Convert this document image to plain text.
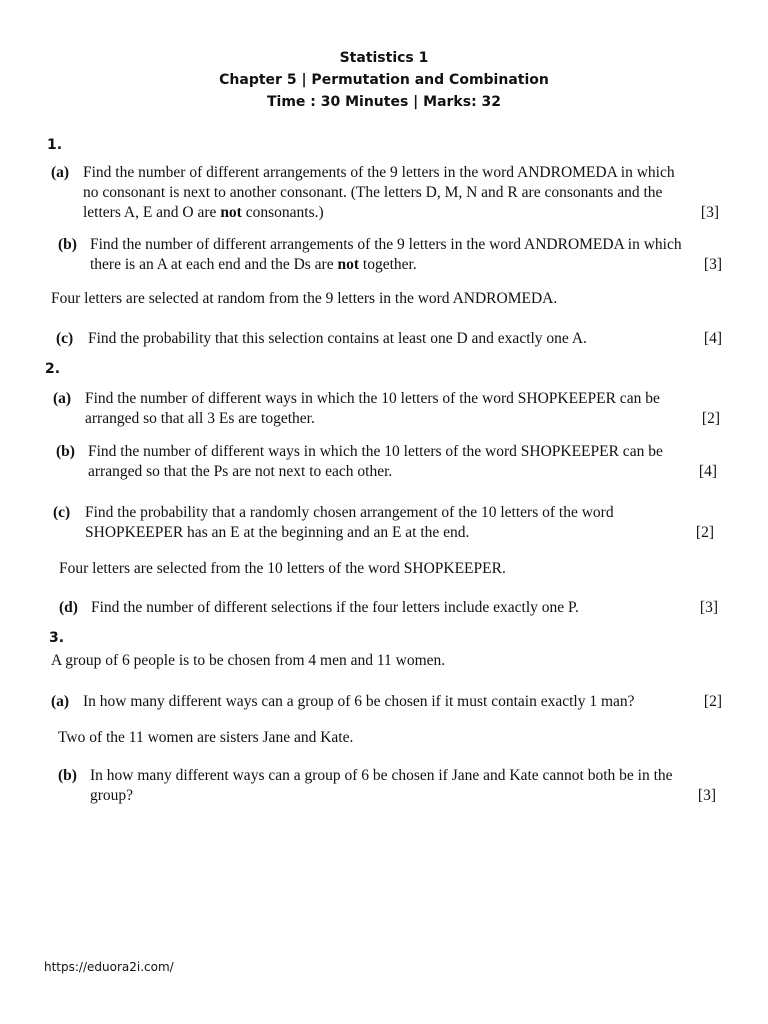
Statistics 1
Chapter 5 | Permutation and Combination
Time : 30 Minutes | Marks: 32
1.
(a) Find the number of different arrangements of the 9 letters in the word ANDROMEDA in which
no consonant is next to another consonant. (The letters D, M, N and R are consonants and the
letters A, E and O are not consonants.)	[3]
(b) Find the number of different arrangements of the 9 letters in the word ANDROMEDA in which
there is an A at each end and the Ds are not together.	[3]
Four letters are selected at random from the 9 letters in the word ANDROMEDA.
(c) Find the probability that this selection contains at least one D and exactly one A.	[4]
2.
(a) Find the number of different ways in which the 10 letters of the word SHOPKEEPER can be
arranged so that all 3 Es are together.	[2]
(b) Find the number of different ways in which the 10 letters of the word SHOPKEEPER can be
arranged so that the Ps are not next to each other.	[4]
(c) Find the probability that a randomly chosen arrangement of the 10 letters of the word
SHOPKEEPER has an E at the beginning and an E at the end.	[2]
Four letters are selected from the 10 letters of the word SHOPKEEPER.
(d) Find the number of different selections if the four letters include exactly one P.	[3]
3.
A group of 6 people is to be chosen from 4 men and 11 women.
(a) In how many different ways can a group of 6 be chosen if it must contain exactly 1 man?	[2]
Two of the 11 women are sisters Jane and Kate.
(b) In how many different ways can a group of 6 be chosen if Jane and Kate cannot both be in the
group?	[3]
https://eduora2i.com/
